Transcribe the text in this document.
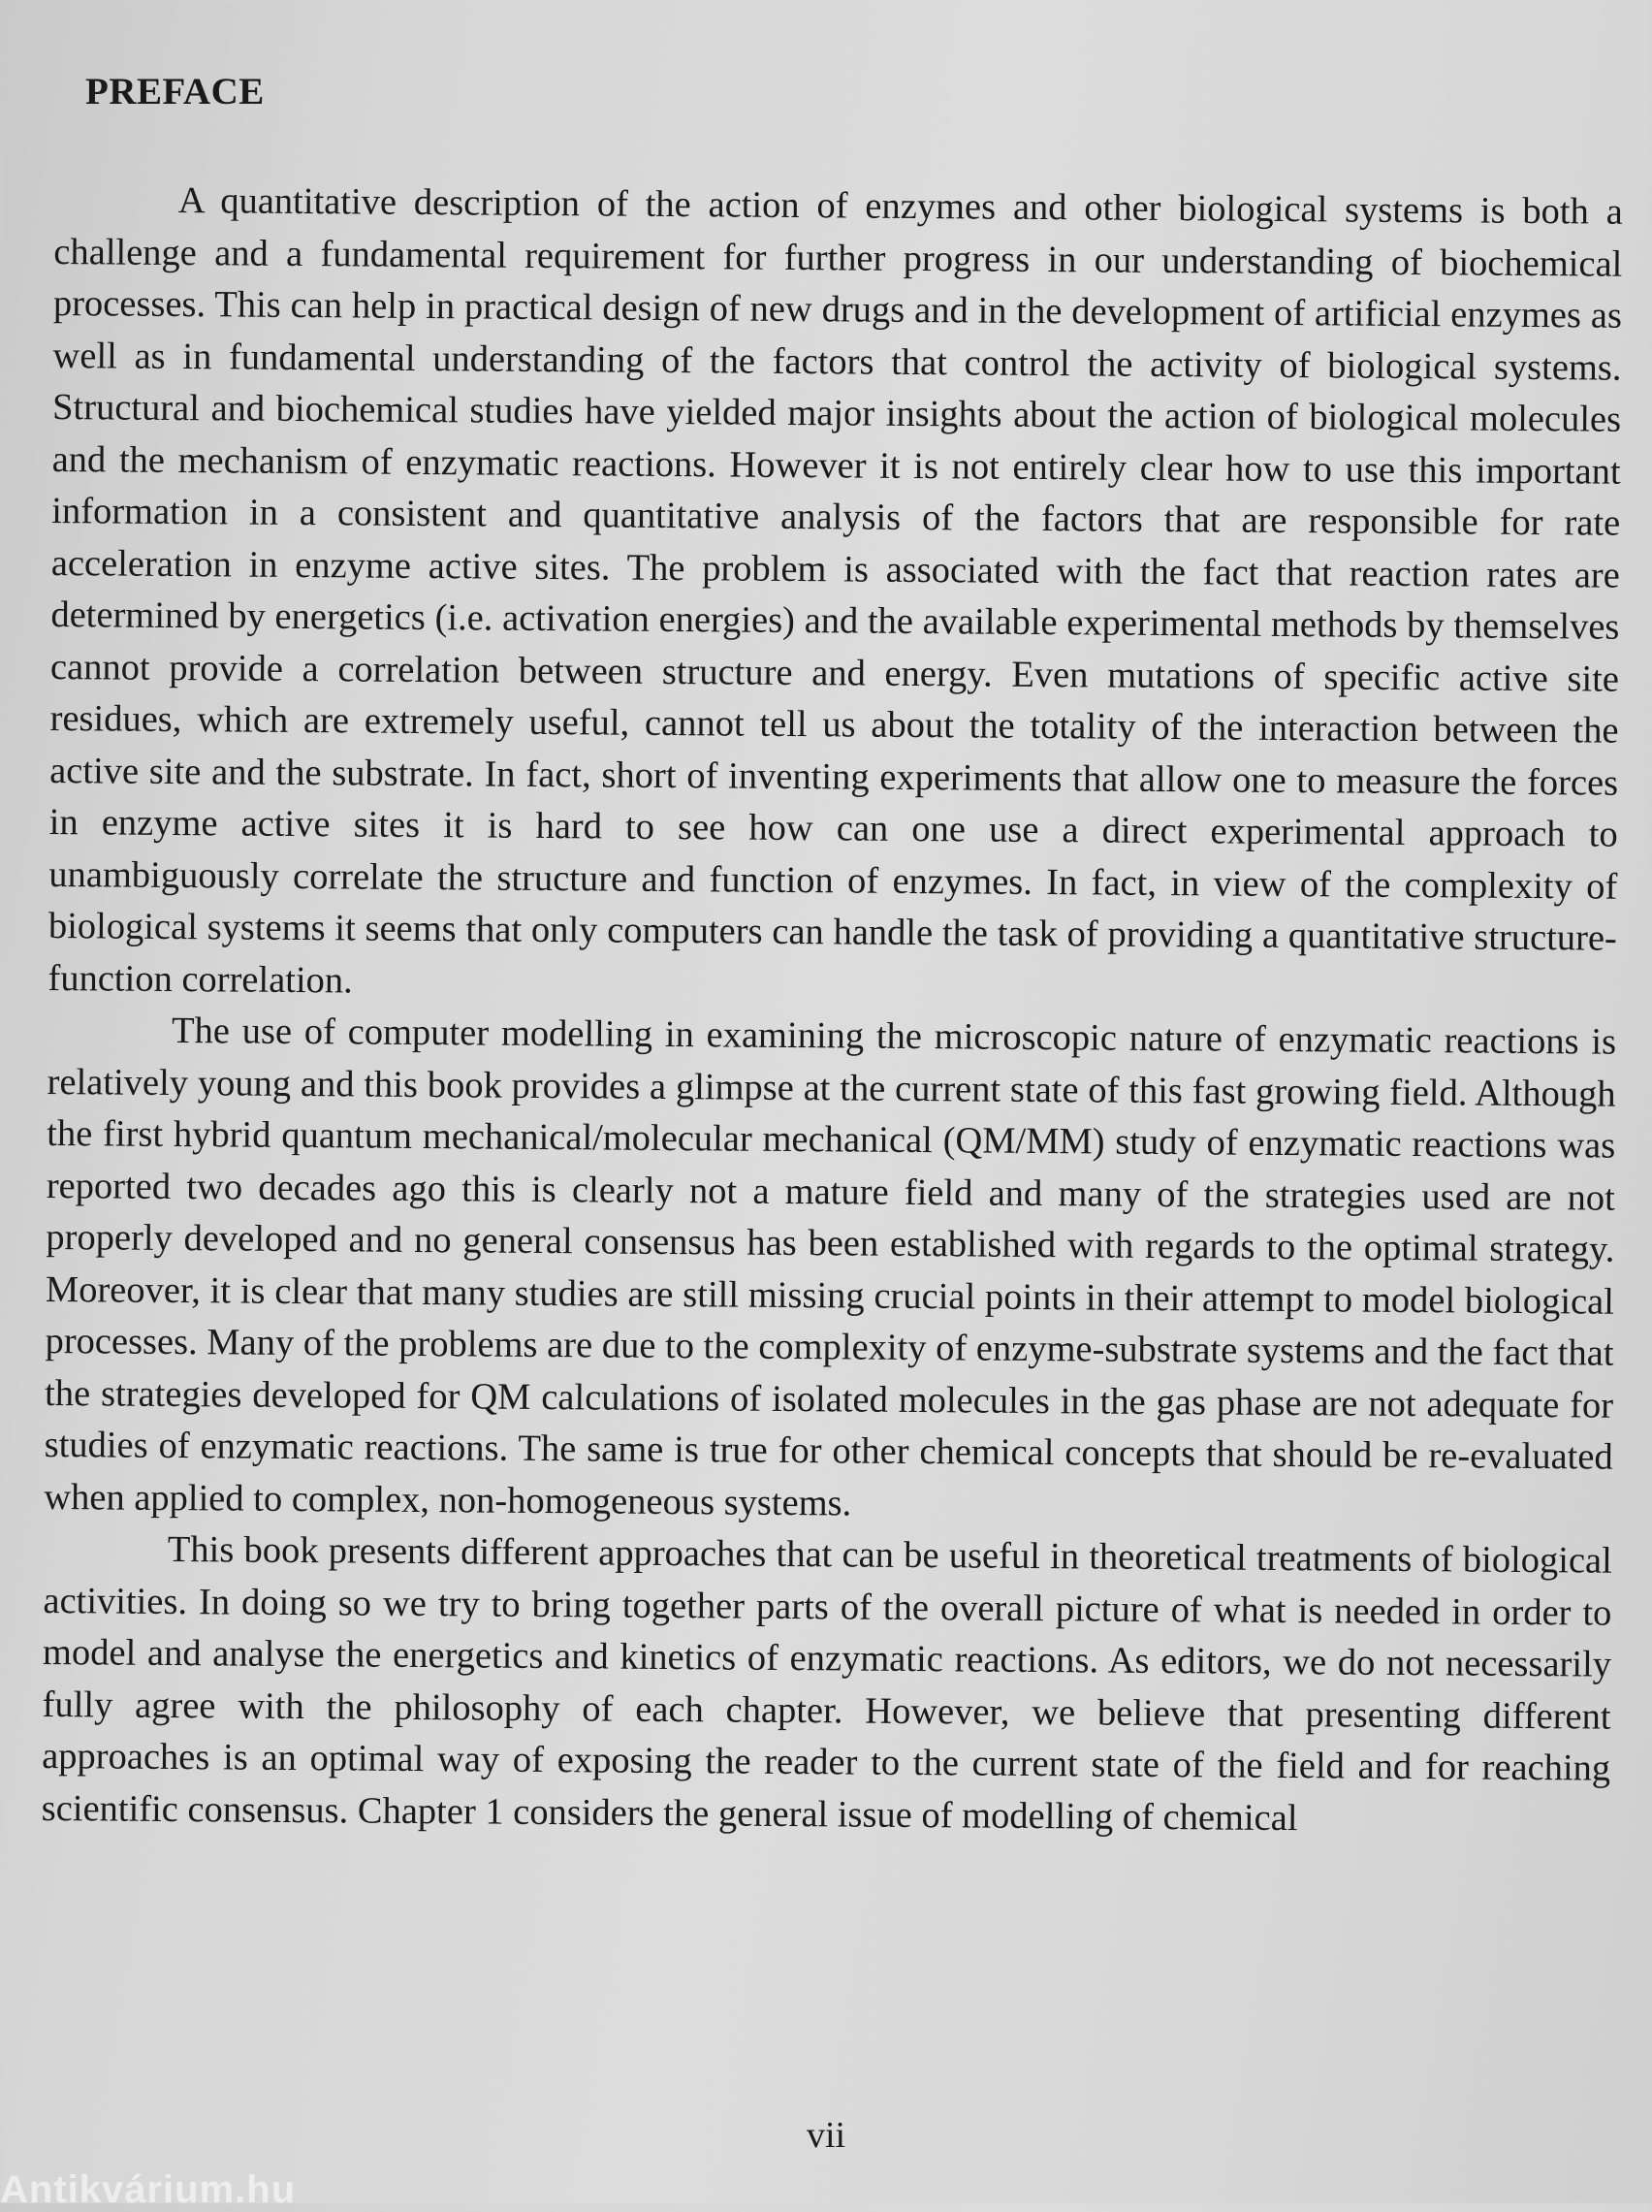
PREFACE

A quantitative description of the action of enzymes and other biological systems is both a challenge and a fundamental requirement for further progress in our understanding of biochemical processes. This can help in practical design of new drugs and in the development of artificial enzymes as well as in fundamental understanding of the factors that control the activity of biological systems. Structural and biochemical studies have yielded major insights about the action of biological molecules and the mechanism of enzymatic reactions. However it is not entirely clear how to use this important information in a consistent and quantitative analysis of the factors that are responsible for rate acceleration in enzyme active sites. The problem is associated with the fact that reaction rates are determined by energetics (i.e. activation energies) and the available experimental methods by themselves cannot provide a correlation between structure and energy. Even mutations of specific active site residues, which are extremely useful, cannot tell us about the totality of the interaction between the active site and the substrate. In fact, short of inventing experiments that allow one to measure the forces in enzyme active sites it is hard to see how can one use a direct experimental approach to unambiguously correlate the structure and function of enzymes. In fact, in view of the complexity of biological systems it seems that only computers can handle the task of providing a quantitative structure-function correlation.

The use of computer modelling in examining the microscopic nature of enzymatic reactions is relatively young and this book provides a glimpse at the current state of this fast growing field. Although the first hybrid quantum mechanical/molecular mechanical (QM/MM) study of enzymatic reactions was reported two decades ago this is clearly not a mature field and many of the strategies used are not properly developed and no general consensus has been established with regards to the optimal strategy. Moreover, it is clear that many studies are still missing crucial points in their attempt to model biological processes. Many of the problems are due to the complexity of enzyme-substrate systems and the fact that the strategies developed for QM calculations of isolated molecules in the gas phase are not adequate for studies of enzymatic reactions. The same is true for other chemical concepts that should be re-evaluated when applied to complex, non-homogeneous systems.

This book presents different approaches that can be useful in theoretical treatments of biological activities. In doing so we try to bring together parts of the overall picture of what is needed in order to model and analyse the energetics and kinetics of enzymatic reactions. As editors, we do not necessarily fully agree with the philosophy of each chapter. However, we believe that presenting different approaches is an optimal way of exposing the reader to the current state of the field and for reaching scientific consensus. Chapter 1 considers the general issue of modelling of chemical

vii
Antikvárium.hu
